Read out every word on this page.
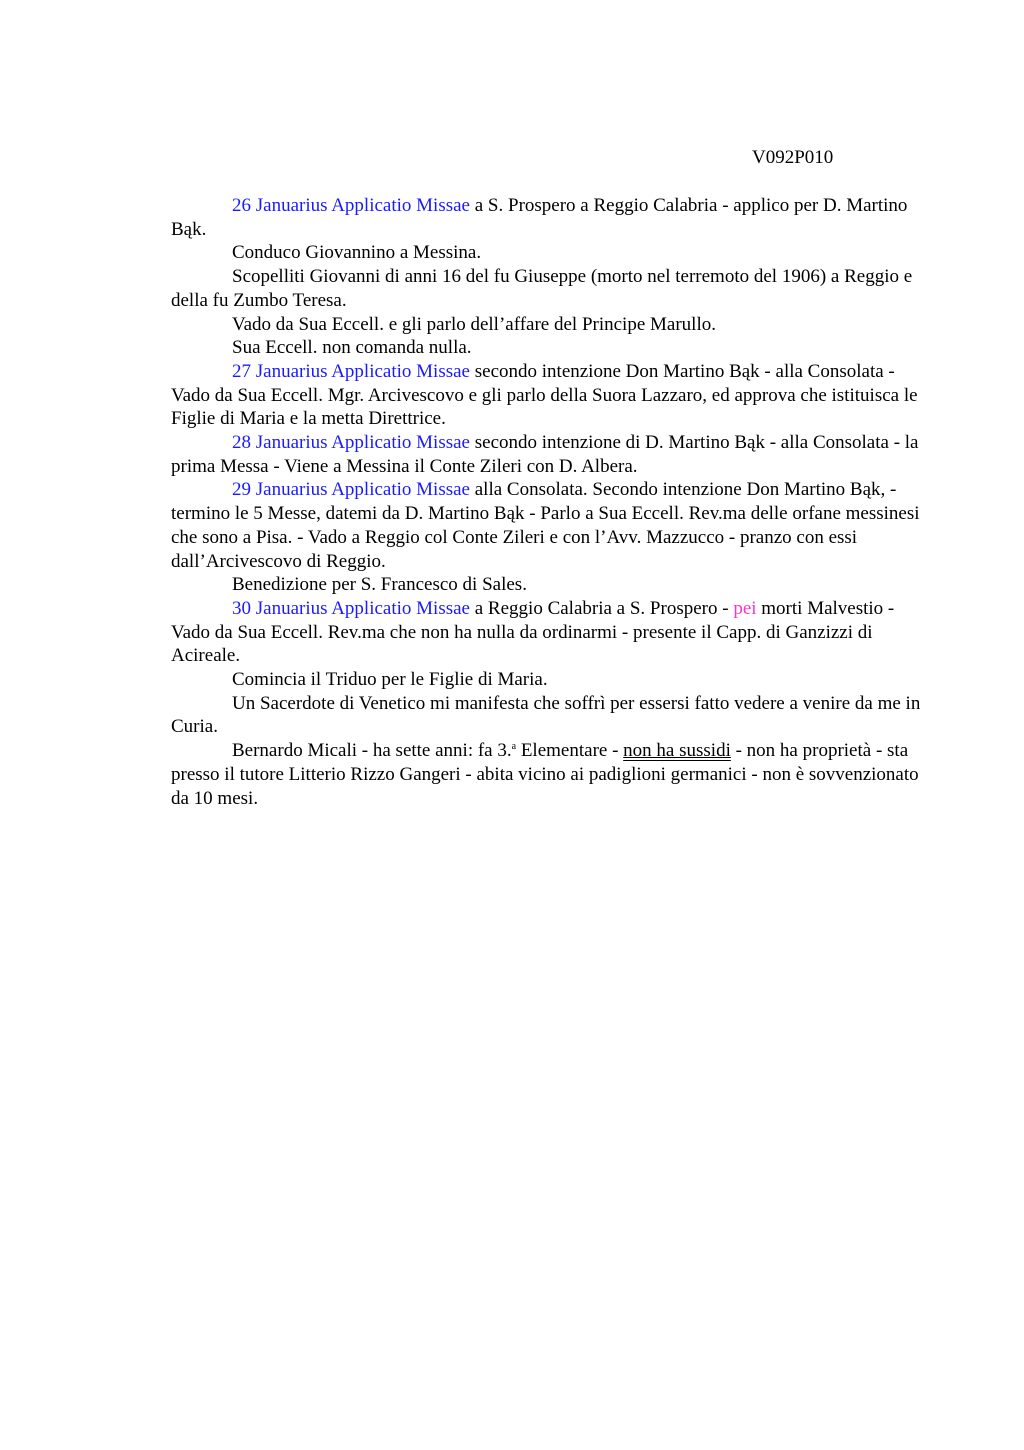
V092P010

26 Januarius Applicatio Missae a S. Prospero a Reggio Calabria - applico per D. Martino Bąk.

Conduco Giovannino a Messina.

Scopelliti Giovanni di anni 16 del fu Giuseppe (morto nel terremoto del 1906) a Reggio e della fu Zumbo Teresa.

Vado da Sua Eccell. e gli parlo dell’affare del Principe Marullo.

Sua Eccell. non comanda nulla.

27 Januarius Applicatio Missae secondo intenzione Don Martino Bąk - alla Consolata - Vado da Sua Eccell. Mgr. Arcivescovo e gli parlo della Suora Lazzaro, ed approva che istituisca le Figlie di Maria e la metta Direttrice.

28 Januarius Applicatio Missae secondo intenzione di D. Martino Bąk - alla Consolata - la prima Messa - Viene a Messina il Conte Zileri con D. Albera.

29 Januarius Applicatio Missae alla Consolata. Secondo intenzione Don Martino Bąk, - termino le 5 Messe, datemi da D. Martino Bąk - Parlo a Sua Eccell. Rev.ma delle orfane messinesi che sono a Pisa. - Vado a Reggio col Conte Zileri e con l’Avv. Mazzucco - pranzo con essi dall’Arcivescovo di Reggio.

Benedizione per S. Francesco di Sales.

30 Januarius Applicatio Missae a Reggio Calabria a S. Prospero - pei morti Malvestio - Vado da Sua Eccell. Rev.ma che non ha nulla da ordinarmi - presente il Capp. di Ganzizzi di Acireale.

Comincia il Triduo per le Figlie di Maria.

Un Sacerdote di Venetico mi manifesta che soffrì per essersi fatto vedere a venire da me in Curia.

Bernardo Micali - ha sette anni: fa 3.$^a$ Elementare - non ha sussidi - non ha proprietà - sta presso il tutore Litterio Rizzo Gangeri - abita vicino ai padiglioni germanici - non è sovvenzionato da 10 mesi.
